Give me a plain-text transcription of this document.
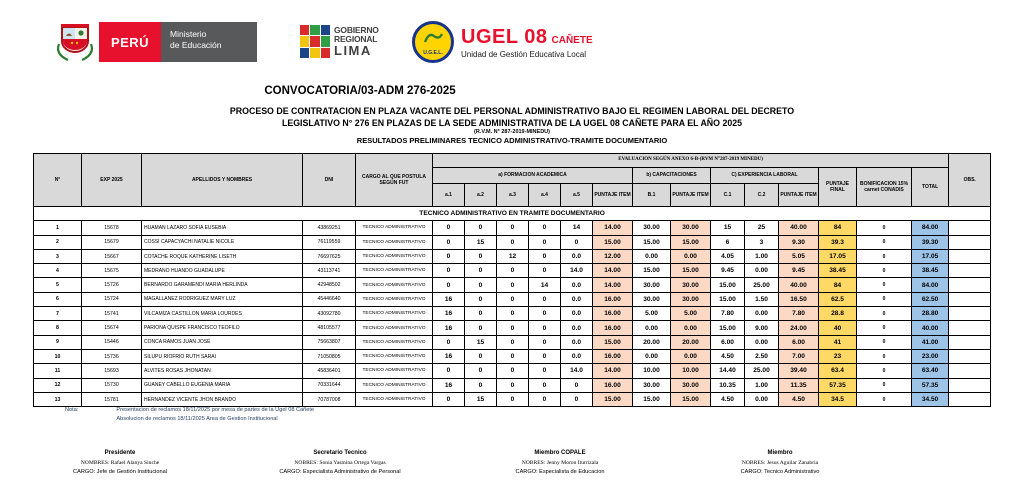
PERÚ
Ministerio
de Educación
GOBIERNO
REGIONAL
LIMA	U.G.E.L.
UGEL 08 CAÑETE
Unidad de Gestión Educativa Local
CONVOCATORIA/03-ADM 276-2025
PROCESO DE CONTRATACION EN PLAZA VACANTE DEL PERSONAL ADMINISTRATIVO BAJO EL REGIMEN LABORAL DEL DECRETO
LEGISLATIVO N° 276 EN PLAZAS DE LA SEDE ADMINISTRATIVA DE LA UGEL 08 CAÑETE PARA EL AÑO 2025
(R.V.M. N° 287-2019-MINEDU)
RESULTADOS PRELIMINARES TECNICO ADMINISTRATIVO-TRAMITE DOCUMENTARIO
N°	EXP 2025	APELLIDOS Y NOMBRES	DNI	CARGO AL QUE POSTULA SEGÚN FUT	EVALUACION SEGÚN ANEXO 6-B-(RVM N°287-2019 MINEDU)														OBS.
					a) FORMACION ACADEMICA						b) CAPACITACIONES		C) EXPERIENCIA LABORAL			PUNTAJE FINAL	BONIFICACION 15% carnet CONADIS	TOTAL	
					a.1	a.2	a.3	a.4	a.5	PUNTAJE ITEM	B.1	PUNTAJE ITEM	C.1	C.2	PUNTAJE ITEM				
TECNICO ADMINISTRATIVO EN TRAMITE DOCUMENTARIO																			
1	15678	HUAMAN LAZARO SOFIA EUSEBIA	43869251	TECNICO ADMINISTRATIVO	0	0	0	0	14	14.00	30.00	30.00	15	25	40.00	84	0	84.00	
2	15679	COSSI CAPACYACHI NATALIE NICOLE	76119559	TECNICO ADMINISTRATIVO	0	15	0	0	0	15.00	15.00	15.00	6	3	9.30	39.3	0	39.30	
3	15667	COTACHE ROQUE KATHERINE LISETH	76697625	TECNICO ADMINISTRATIVO	0	0	12	0	0.0	12.00	0.00	0.00	4.05	1.00	5.05	17.05	0	17.05	
4	15675	MEDRANO HUANDO GUADALUPE	43113741	TECNICO ADMINISTRATIVO	0	0	0	0	14.0	14.00	15.00	15.00	9.45	0.00	9.45	38.45	0	38.45	
5	15726	BERNARDO GARAMENDI MARIA HERLINDA	42948502	TECNICO ADMINISTRATIVO	0	0	0	14	0.0	14.00	30.00	30.00	15.00	25.00	40.00	84	0	84.00	
6	15724	MAGALLANEZ RODRIGUEZ MARY LUZ	45446640	TECNICO ADMINISTRATIVO	16	0	0	0	0.0	16.00	30.00	30.00	15.00	1.50	16.50	62.5	0	62.50	
7	15741	VILCAMIZA CASTILLON MARIA LOURDES	43092780	TECNICO ADMINISTRATIVO	16	0	0	0	0.0	16.00	5.00	5.00	7.80	0.00	7.80	28.8	0	28.80	
8	15674	PARIONA QUISPE FRANCISCO TEOFILO	48105577	TECNICO ADMINISTRATIVO	16	0	0	0	0.0	16.00	0.00	0.00	15.00	9.00	24.00	40	0	40.00	
9	15446	CONCA RAMOS JUAN JOSÉ	75663807	TECNICO ADMINISTRATIVO	0	15	0	0	0.0	15.00	20.00	20.00	6.00	0.00	6.00	41	0	41.00	
10	15736	SILUPU RIOFRIO RUTH SARAI	71050805	TECNICO ADMINISTRATIVO	16	0	0	0	0.0	16.00	0.00	0.00	4.50	2.50	7.00	23	0	23.00	
11	15693	ALVITES ROSAS JHONATAN	45836401	TECNICO ADMINISTRATIVO	0	0	0	0	14.0	14.00	10.00	10.00	14.40	25.00	39.40	63.4	0	63.40	
12	15730	GUANEY CABELLO EUGENIA MARIA	70331644	TECNICO ADMINISTRATIVO	16	0	0	0	0	16.00	30.00	30.00	10.35	1.00	11.35	57.35	0	57.35	
13	15781	HERNANDEZ VICENTE JHON BRANDO	70787008	TECNICO ADMINISTRATIVO	0	15	0	0	0	15.00	15.00	15.00	4.50	0.00	4.50	34.5	0	34.50	
Nota:	Presentacion de reclamos 18/11/2025 por mesa de partes de la Ugel 08 Cañete
Absolucion de reclamos 18/11/2025 Area de Gestion Institucional
Presidente
NOMBRES: Rafael Alanya Sinche
CARGO: Jefe de Gestión Institucional
Secretario Tecnico
NOBRES: Sonia Yasmina Ortega Vargas
CARGO: Especialista Administrativo de Personal
Miembro COPALE
NOBRES: Jenny Moron Iturrizala
CARGO: Especialista de Educacion
Miembro
NOBRES: Jesus Aguilar Zanabria
CARGO: Tecnico Administrativo
